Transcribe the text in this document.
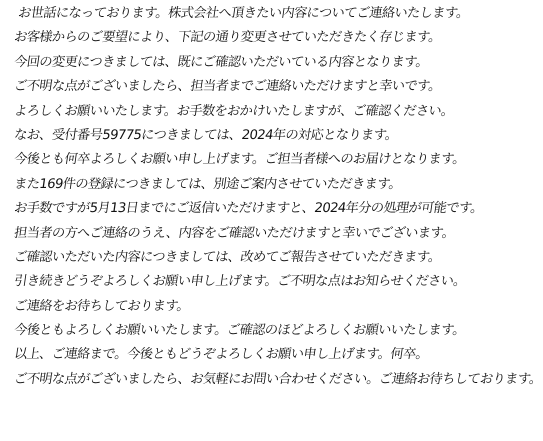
お世話になっております。株式会社へ頂きたい内容についてご連絡いたします。
お客様からのご要望により、下記の通り変更させていただきたく存じます。
今回の変更につきましては、既にご確認いただいている内容となります。
ご不明な点がございましたら、担当者までご連絡いただけますと幸いです。
よろしくお願いいたします。お手数をおかけいたしますが、ご確認ください。
なお、受付番号59775につきましては、2024年の対応となります。
今後とも何卒よろしくお願い申し上げます。ご担当者様へのお届けとなります。
また169件の登録につきましては、別途ご案内させていただきます。
お手数ですが5月13日までにご返信いただけますと、2024年分の処理が可能です。
担当者の方へご連絡のうえ、内容をご確認いただけますと幸いでございます。
ご確認いただいた内容につきましては、改めてご報告させていただきます。
引き続きどうぞよろしくお願い申し上げます。ご不明な点はお知らせください。
ご連絡をお待ちしております。
今後ともよろしくお願いいたします。ご確認のほどよろしくお願いいたします。
以上、ご連絡まで。今後ともどうぞよろしくお願い申し上げます。何卒。
ご不明な点がございましたら、お気軽にお問い合わせください。ご連絡お待ちしております。
